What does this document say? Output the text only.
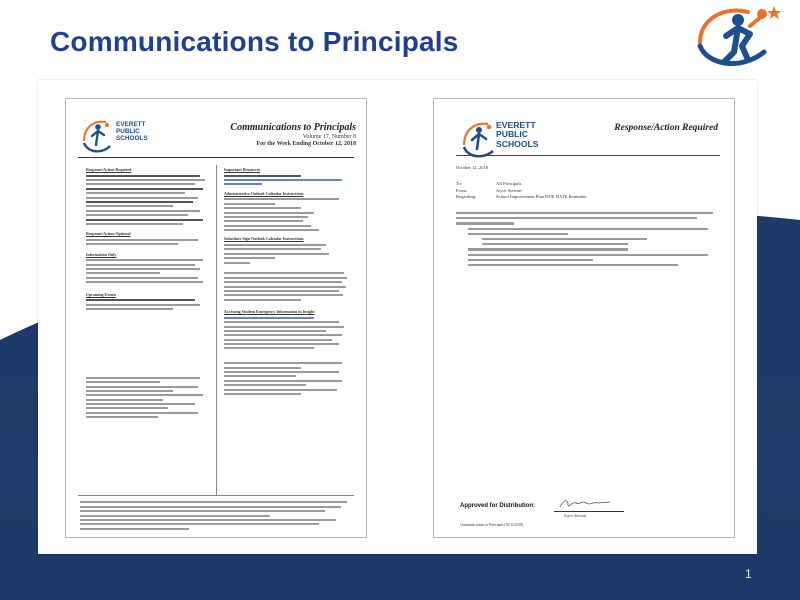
Communications to Principals
EVERETT
PUBLIC
SCHOOLS
Communications to Principals
Volume 17, Number 8
For the Week Ending October 12, 2018
Response/Action Required
Response/Action Optional
Information Only
Upcoming Events
Important Resources
Administrative Outlook Calendar Instructions
Substitute Sign Outlook Calendar Instructions
Accessing Student Emergency Information in Insight
EVERETT
PUBLIC
SCHOOLS
Response/Action Required
October 12, 2018
To:
From:
Regarding:
All Principals
Joyce Stewart
School Improvement Plan DUE DATE Reminder
Approved for Distribution:
Joyce Stewart
Communications to Principals (10/12/2018)
1
